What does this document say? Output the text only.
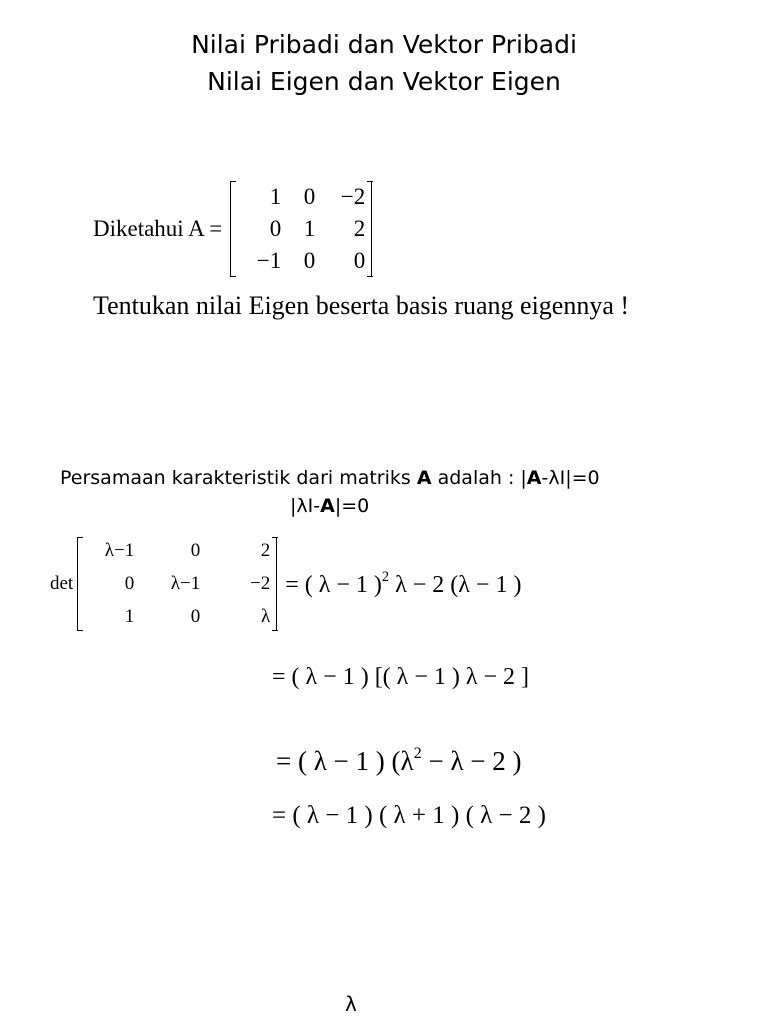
Nilai Pribadi dan Vektor Pribadi
Nilai Eigen dan Vektor Eigen
Diketahui A =
1 0	−2
0 1	2
−1 0	0
Tentukan nilai Eigen beserta basis ruang eigennya !
Persamaan karakteristik dari matriks A adalah : |A-λI|=0
|λI-A|=0
det
λ−1	0	2
0	λ−1	−2
1	0	λ
= ( λ − 1 )$^2$ λ − 2 (λ − 1 )
= ( λ − 1 ) [( λ − 1 ) λ − 2 ]
= ( λ − 1 ) ($\lambda^2 - \lambda - 2$ )
= ( λ − 1 ) ( λ + 1 ) ( λ − 2 )
λ
